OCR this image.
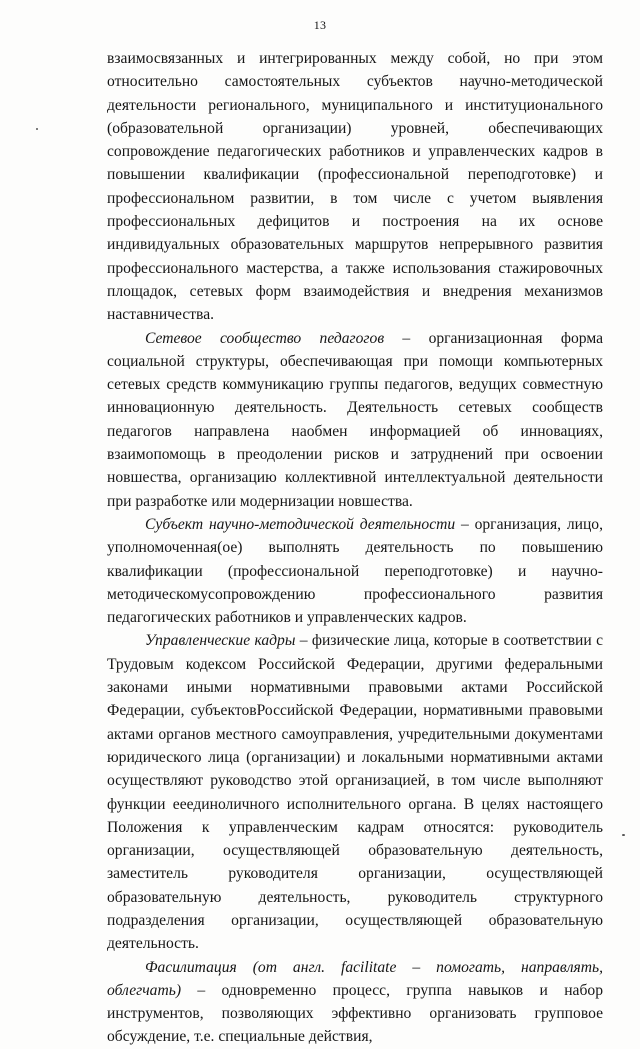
13

взаимосвязанных и интегрированных между собой, но при этом относительно самостоятельных субъектов научно-методической деятельности регионального, муниципального и институционального (образовательной организации) уровней, обеспечивающих сопровождение педагогических работников и управленческих кадров в повышении квалификации (профессиональной переподготовке) и профессиональном развитии, в том числе с учетом выявления профессиональных дефицитов и построения на их основе индивидуальных образовательных маршрутов непрерывного развития профессионального мастерства, а также использования стажировочных площадок, сетевых форм взаимодействия и внедрения механизмов наставничества.

Сетевое сообщество педагогов – организационная форма социальной структуры, обеспечивающая при помощи компьютерных сетевых средств коммуникацию группы педагогов, ведущих совместную инновационную деятельность. Деятельность сетевых сообществ педагогов направлена наобмен информацией об инновациях, взаимопомощь в преодолении рисков и затруднений при освоении новшества, организацию коллективной интеллектуальной деятельности при разработке или модернизации новшества.

Субъект научно-методической деятельности – организация, лицо, уполномоченная(ое) выполнять деятельность по повышению квалификации (профессиональной переподготовке) и научно-методическомусопровождению профессионального развития педагогических работников и управленческих кадров.

Управленческие кадры – физические лица, которые в соответствии с Трудовым кодексом Российской Федерации, другими федеральными законами иными нормативными правовыми актами Российской Федерации, субъектовРоссийской Федерации, нормативными правовыми актами органов местного самоуправления, учредительными документами юридического лица (организации) и локальными нормативными актами осуществляют руководство этой организацией, в том числе выполняют функции ееединоличного исполнительного органа. В целях настоящего Положения к управленческим кадрам относятся: руководитель организации, осуществляющей образовательную деятельность, заместитель руководителя организации, осуществляющей образовательную деятельность, руководитель структурного подразделения организации, осуществляющей образовательную деятельность.

Фасилитация (от англ. facilitate – помогать, направлять, облегчать) – одновременно процесс, группа навыков и набор инструментов, позволяющих эффективно организовать групповое обсуждение, т.е. специальные действия,
